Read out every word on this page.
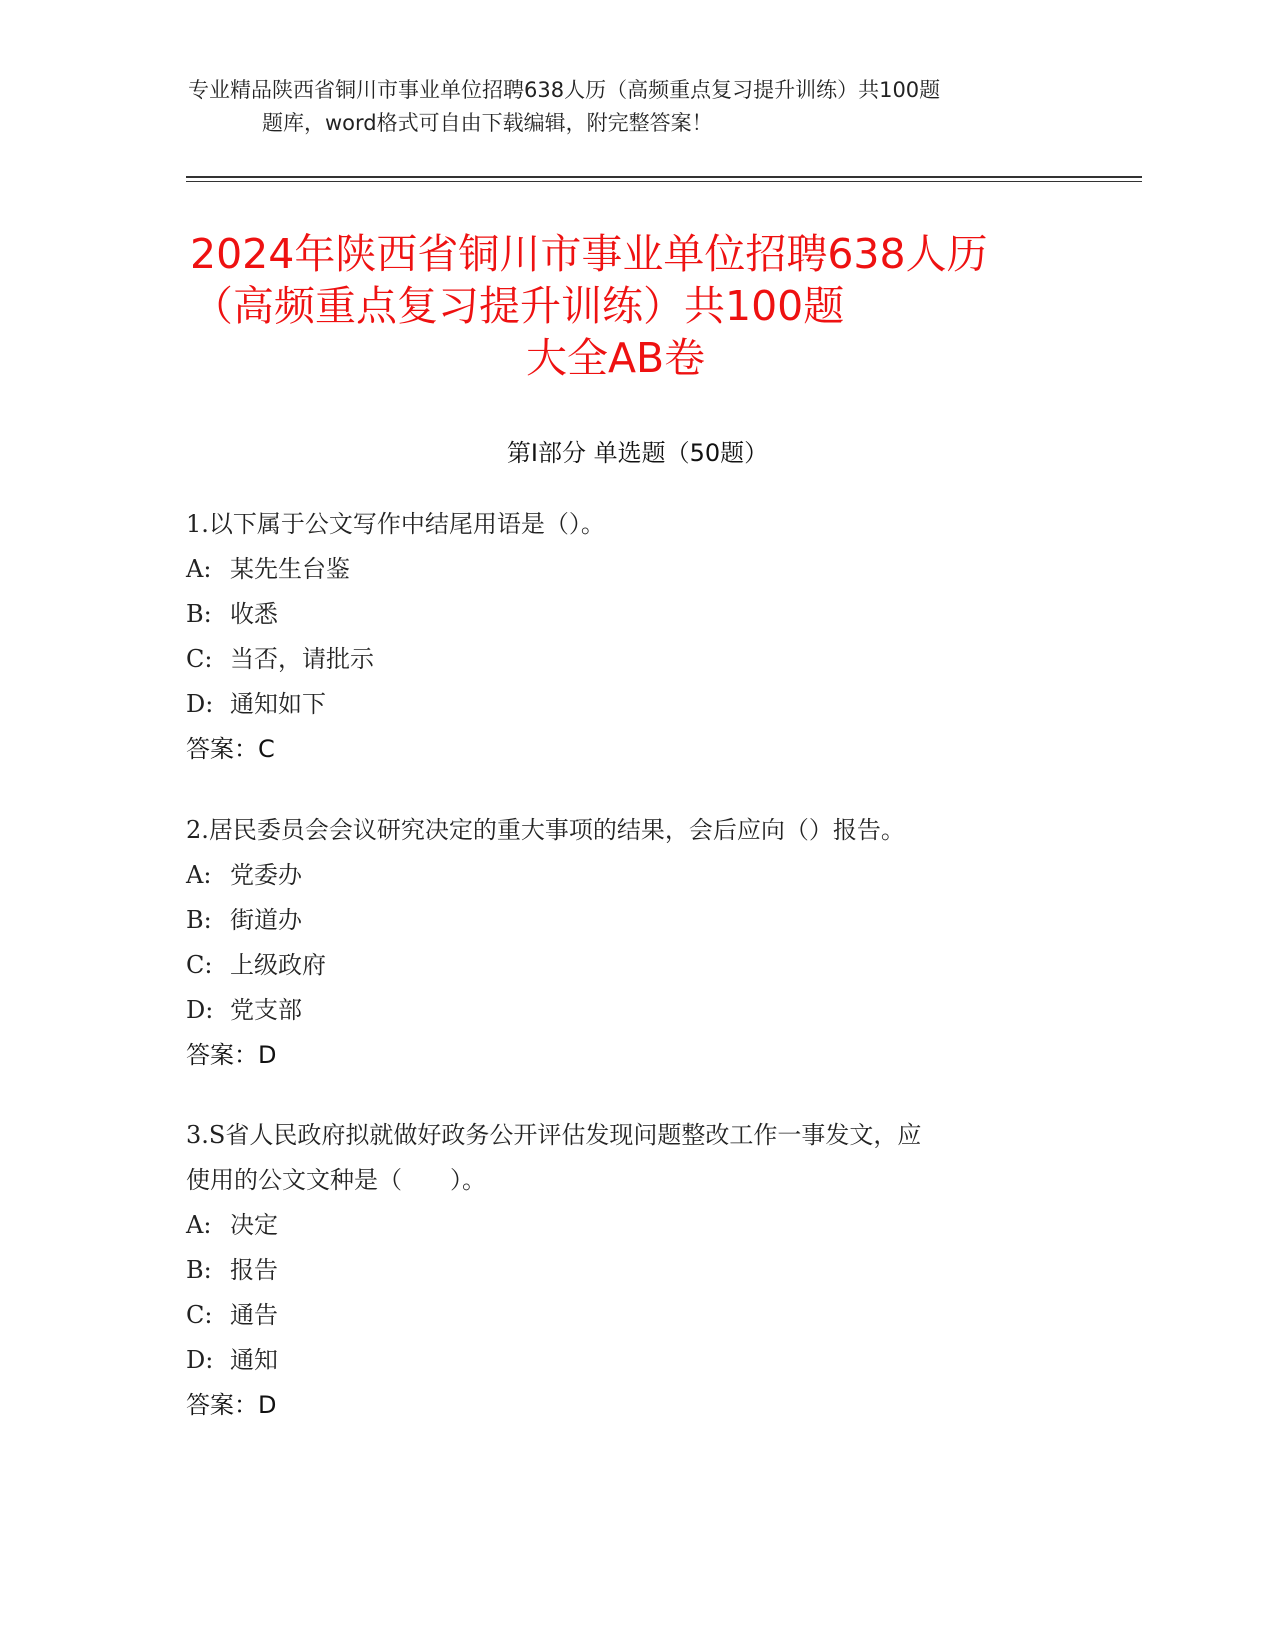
专业精品陕西省铜川市事业单位招聘638人历（高频重点复习提升训练）共100题
题库，word格式可自由下载编辑，附完整答案！
2024年陕西省铜川市事业单位招聘638人历
（高频重点复习提升训练）共100题
大全AB卷
第Ⅰ部分 单选题（50题）
1.以下属于公文写作中结尾用语是（）。
A: 某先生台鉴
B: 收悉
C: 当否，请批示
D: 通知如下
答案：C
2.居民委员会会议研究决定的重大事项的结果，会后应向（）报告。
A: 党委办
B: 街道办
C: 上级政府
D: 党支部
答案：D
3.S省人民政府拟就做好政务公开评估发现问题整改工作一事发文，应
使用的公文文种是（　　）。
A: 决定
B: 报告
C: 通告
D: 通知
答案：D
